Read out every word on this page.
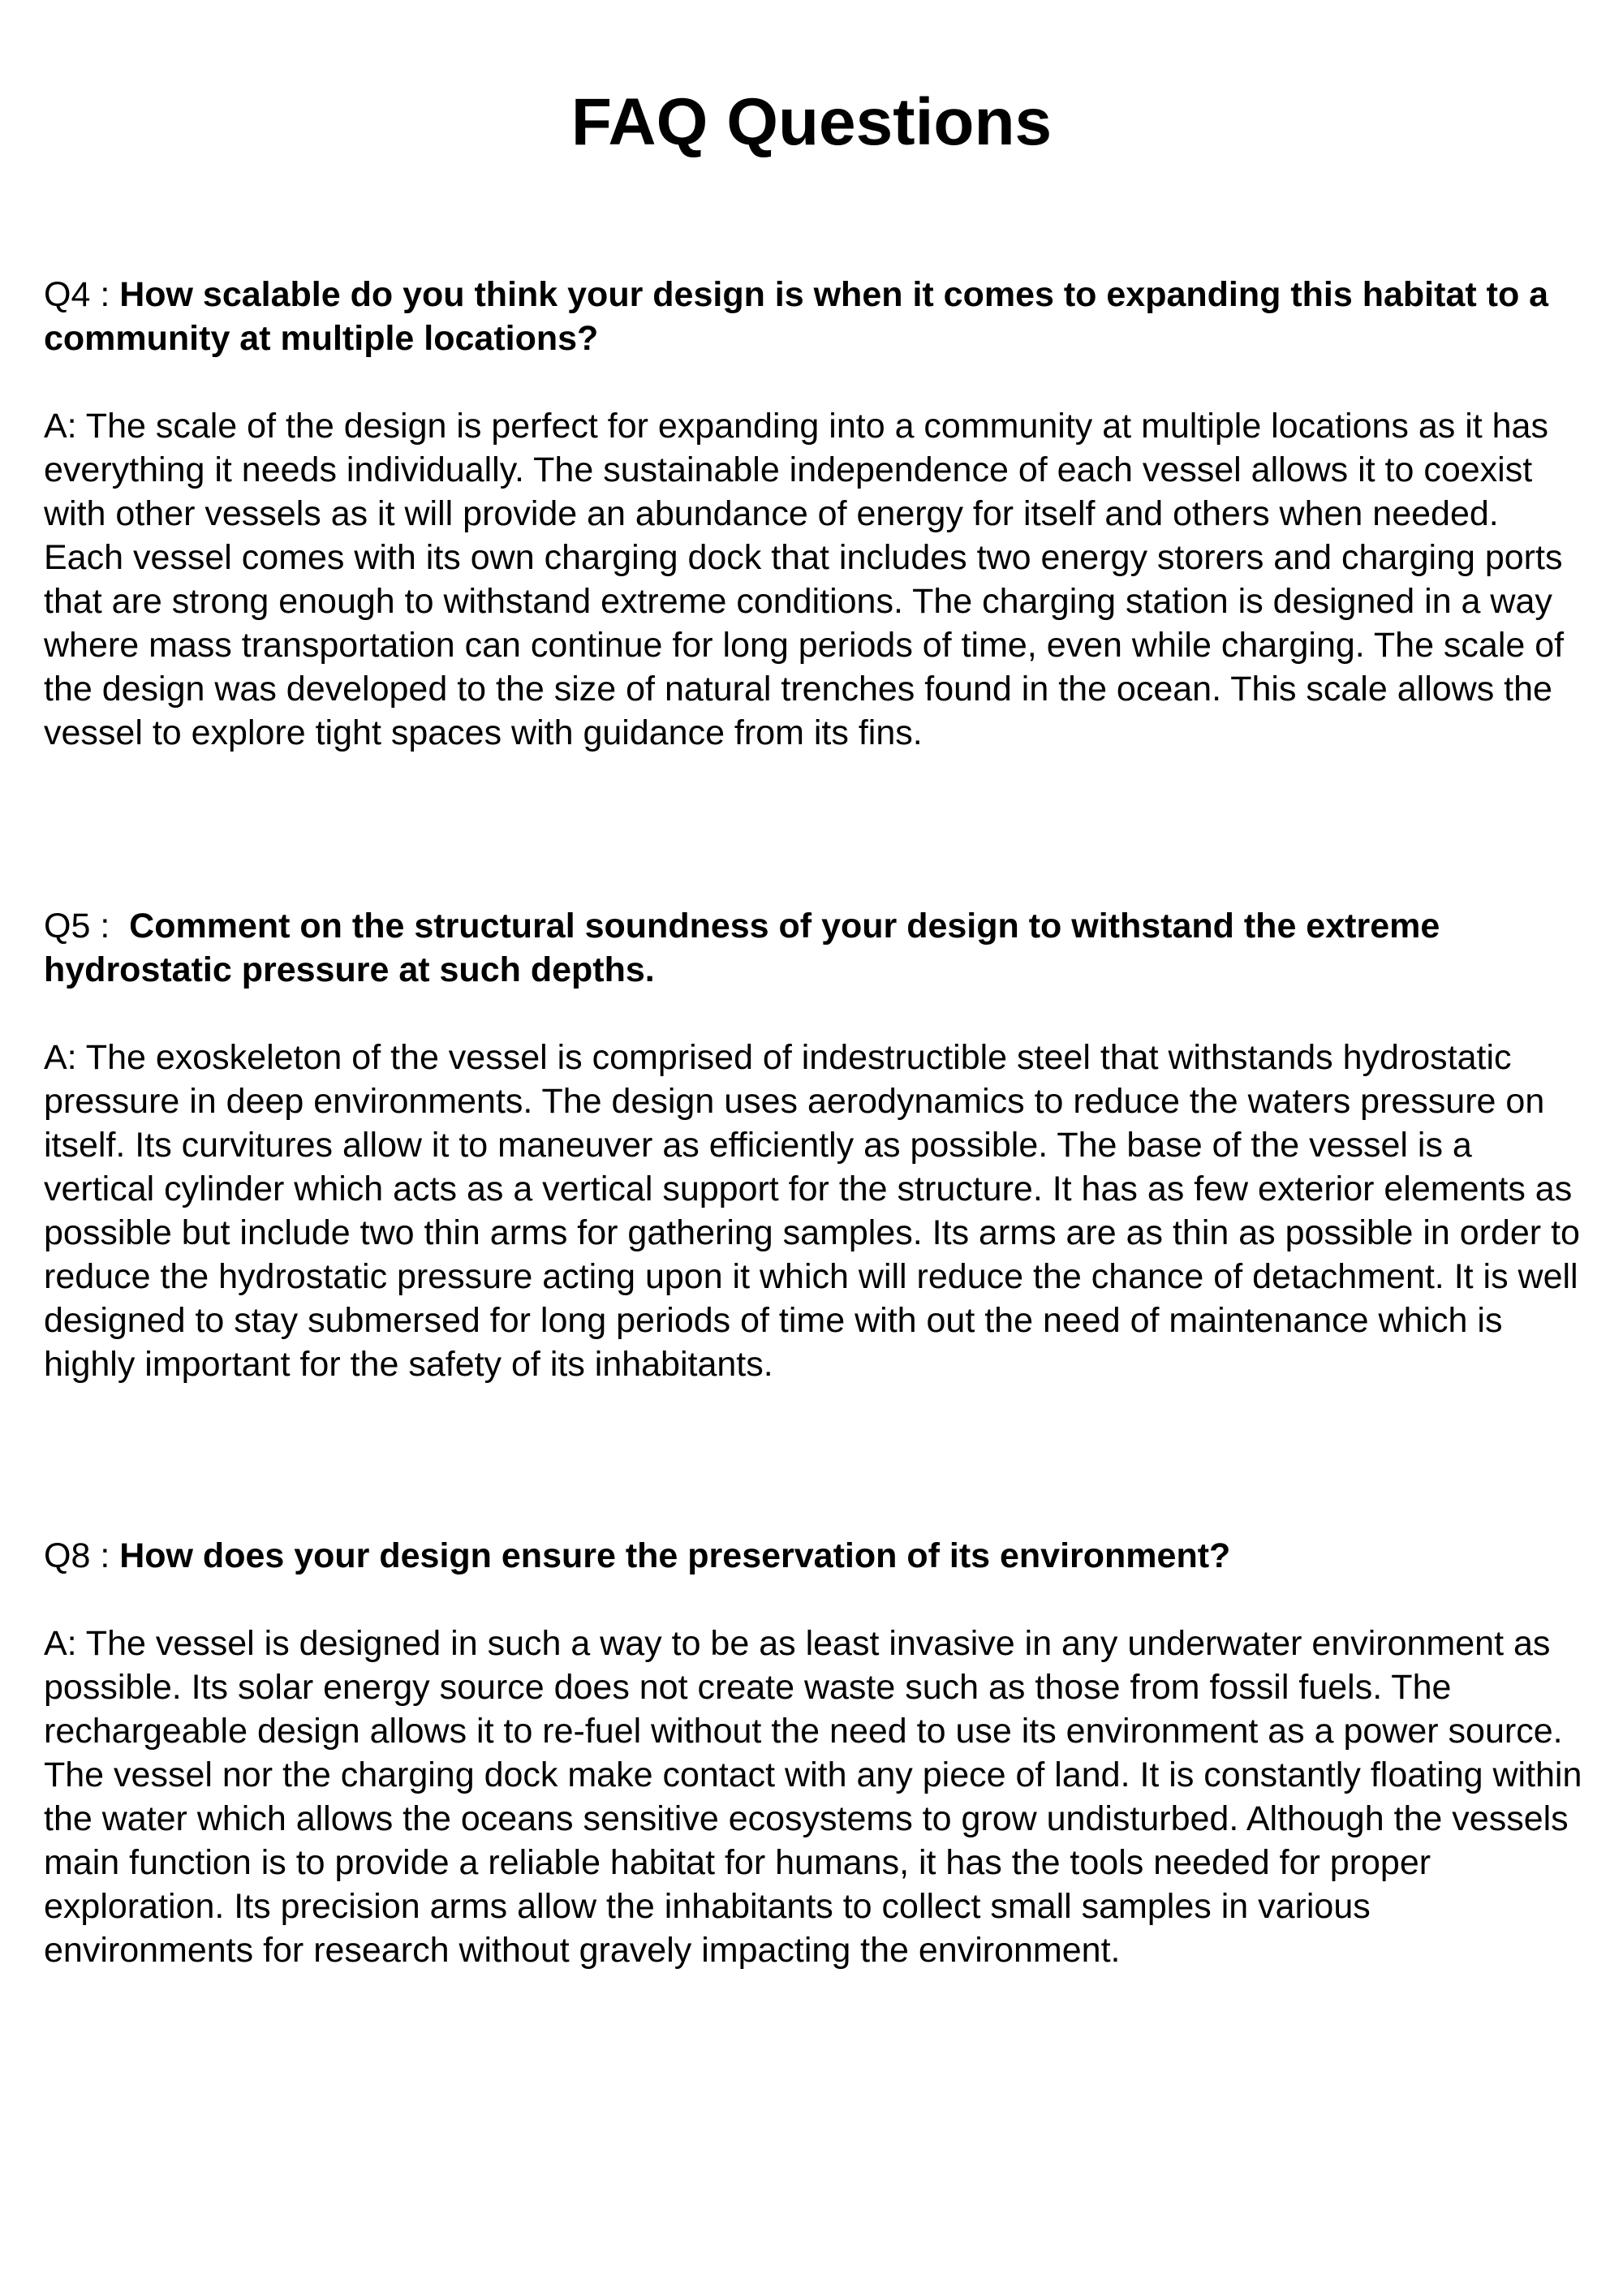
FAQ Questions

Q4 : How scalable do you think your design is when it comes to expanding this habitat to a community at multiple locations?

A: The scale of the design is perfect for expanding into a community at multiple locations as it has everything it needs individually. The sustainable independence of each vessel allows it to coexist with other vessels as it will provide an abundance of energy for itself and others when needed. Each vessel comes with its own charging dock that includes two energy storers and charging ports that are strong enough to withstand extreme conditions. The charging station is designed in a way where mass transportation can continue for long periods of time, even while charging. The scale of the design was developed to the size of natural trenches found in the ocean. This scale allows the vessel to explore tight spaces with guidance from its fins.

Q5 :  Comment on the structural soundness of your design to withstand the extreme hydrostatic pressure at such depths.

A: The exoskeleton of the vessel is comprised of indestructible steel that withstands hydrostatic pressure in deep environments. The design uses aerodynamics to reduce the waters pressure on itself. Its curvitures allow it to maneuver as efficiently as possible. The base of the vessel is a vertical cylinder which acts as a vertical support for the structure. It has as few exterior elements as possible but include two thin arms for gathering samples. Its arms are as thin as possible in order to reduce the hydrostatic pressure acting upon it which will reduce the chance of detachment. It is well designed to stay submersed for long periods of time with out the need of maintenance which is highly important for the safety of its inhabitants.

Q8 : How does your design ensure the preservation of its environment?

A: The vessel is designed in such a way to be as least invasive in any underwater environment as possible. Its solar energy source does not create waste such as those from fossil fuels. The rechargeable design allows it to re-fuel without the need to use its environment as a power source. The vessel nor the charging dock make contact with any piece of land. It is constantly floating within the water which allows the oceans sensitive ecosystems to grow undisturbed. Although the vessels main function is to provide a reliable habitat for humans, it has the tools needed for proper exploration. Its precision arms allow the inhabitants to collect small samples in various environments for research without gravely impacting the environment.
